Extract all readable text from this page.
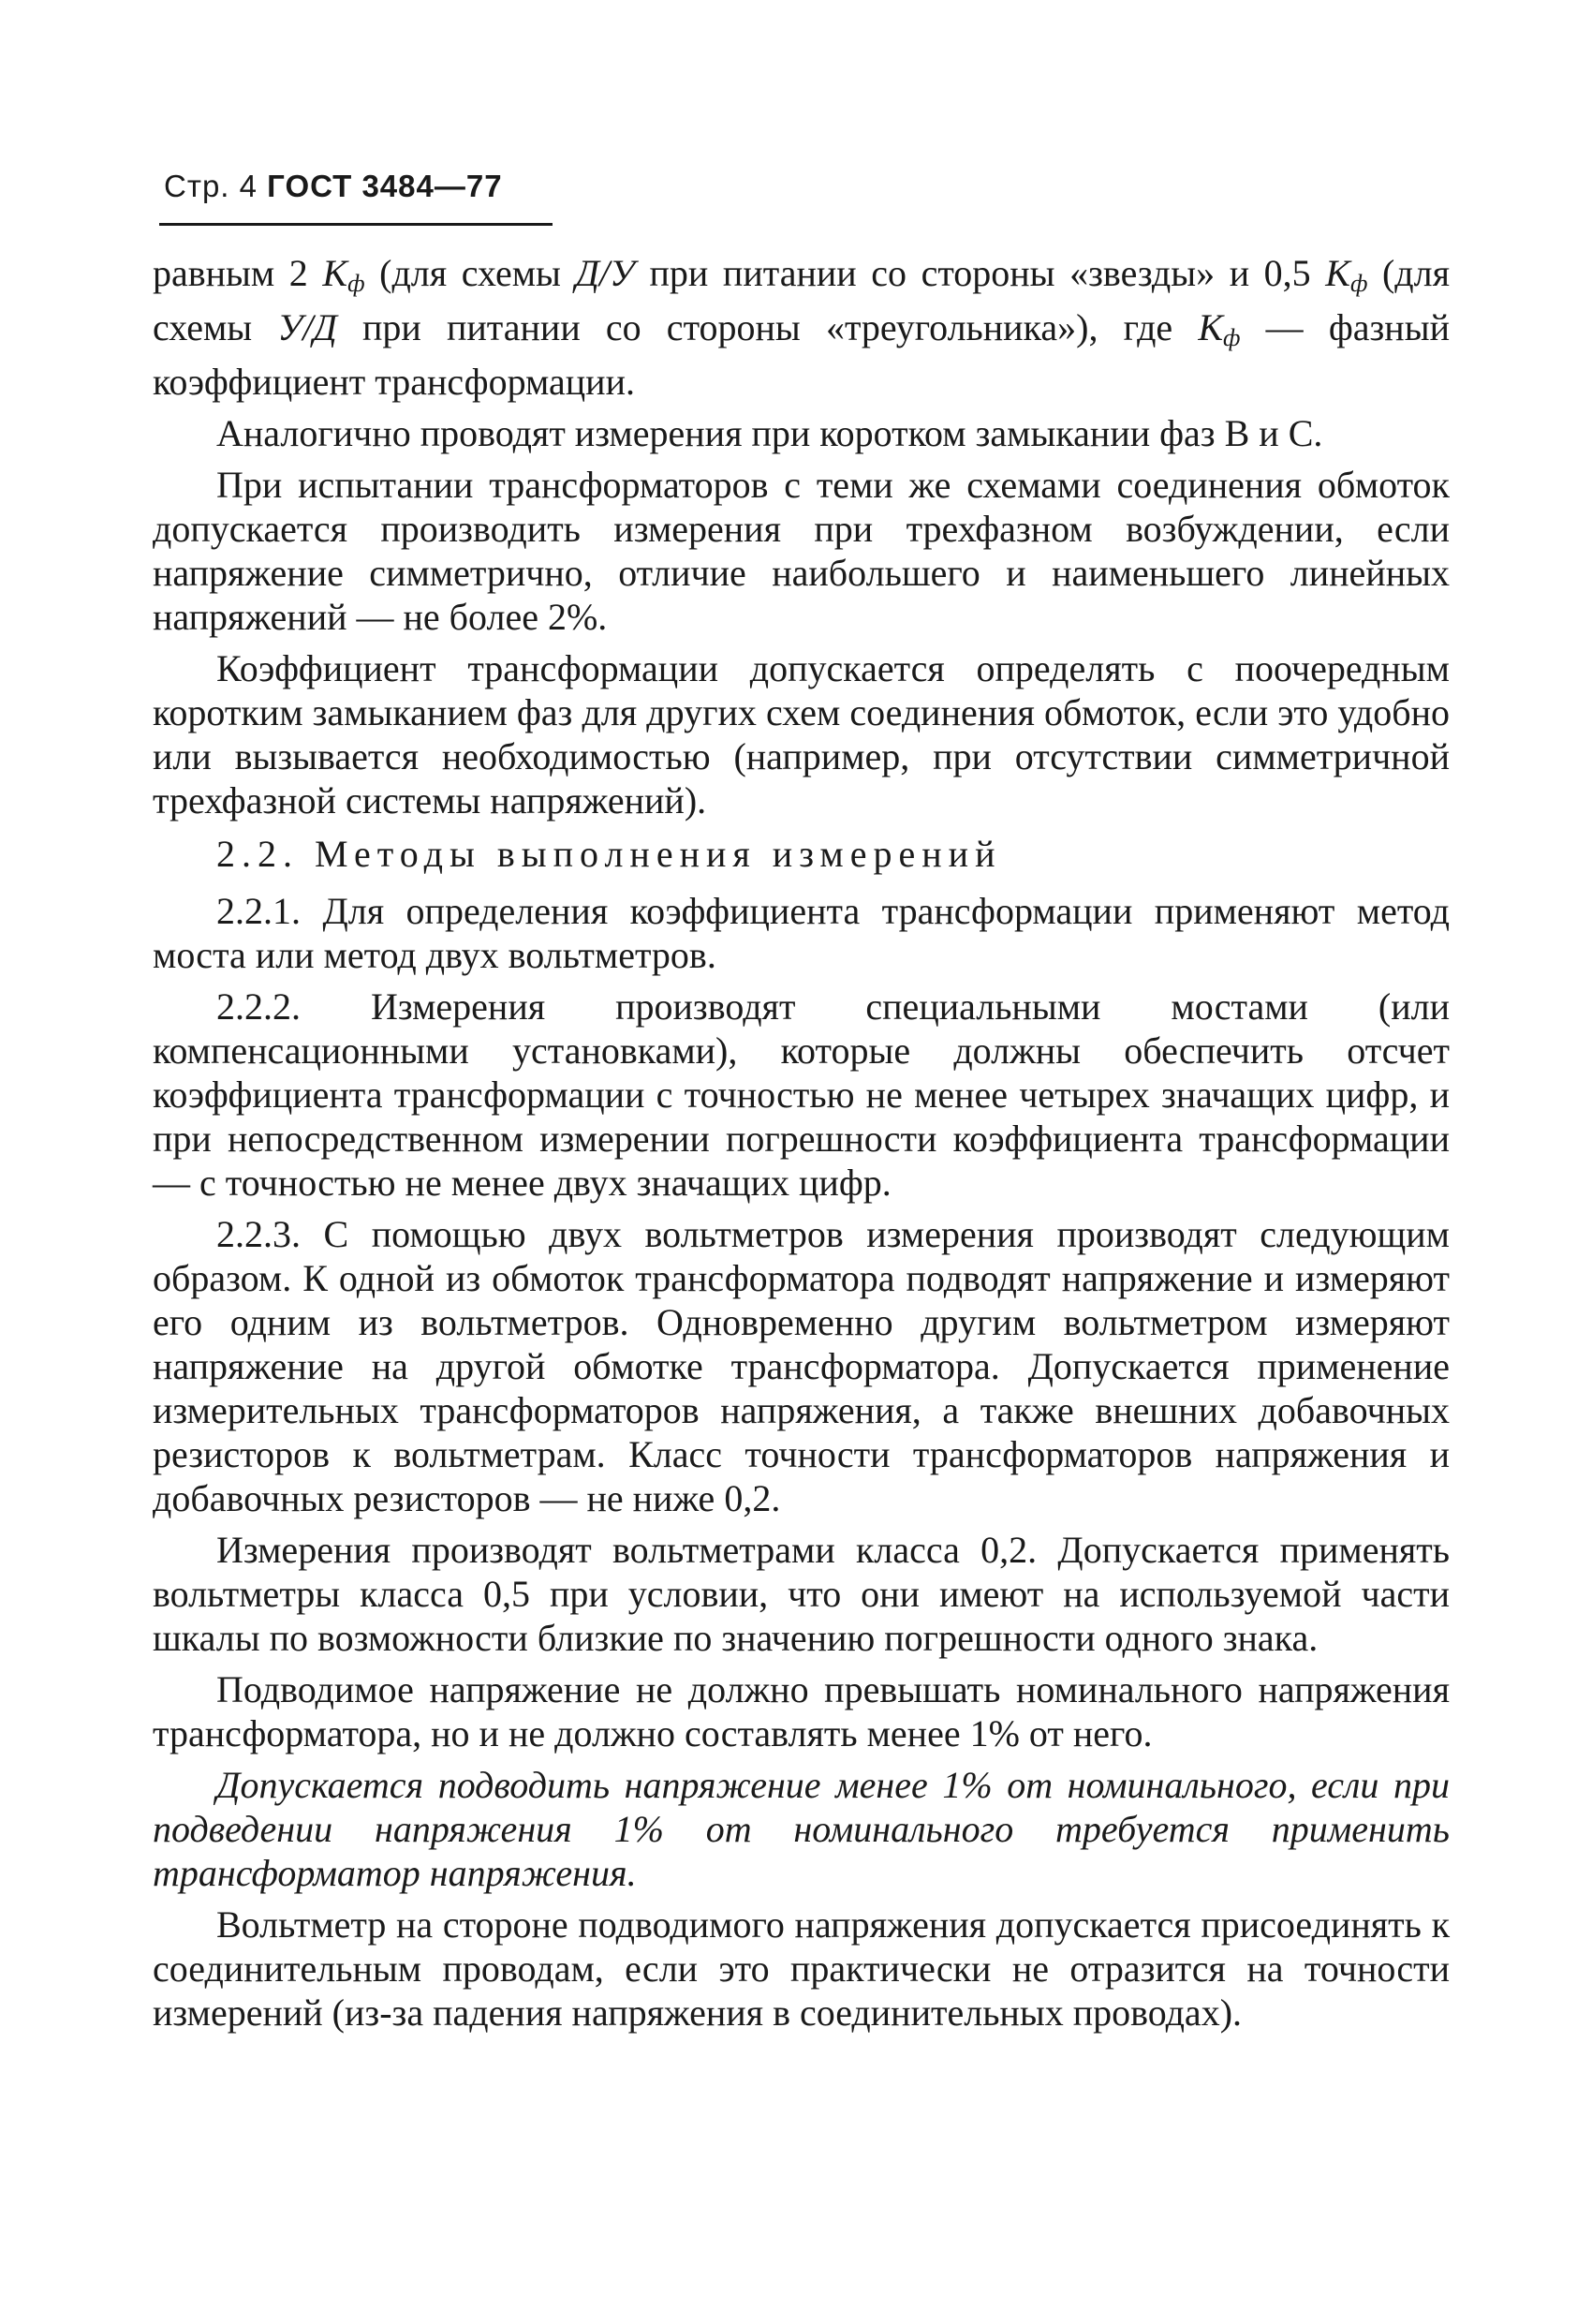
Стр. 4 ГОСТ 3484—77

равным 2 Kф (для схемы Д/У при питании со стороны «звезды» и 0,5 Kф (для схемы У/Д при питании со стороны «треугольника»), где Kф — фазный коэффициент трансформации.

Аналогично проводят измерения при коротком замыкании фаз В и С.

При испытании трансформаторов с теми же схемами соединения обмоток допускается производить измерения при трехфазном возбуждении, если напряжение симметрично, отличие наибольшего и наименьшего линейных напряжений — не более 2%.

Коэффициент трансформации допускается определять с поочередным коротким замыканием фаз для других схем соединения обмоток, если это удобно или вызывается необходимостью (например, при отсутствии симметричной трехфазной системы напряжений).

2.2. Методы выполнения измерений

2.2.1. Для определения коэффициента трансформации применяют метод моста или метод двух вольтметров.

2.2.2. Измерения производят специальными мостами (или компенсационными установками), которые должны обеспечить отсчет коэффициента трансформации с точностью не менее четырех значащих цифр, и при непосредственном измерении погрешности коэффициента трансформации — с точностью не менее двух значащих цифр.

2.2.3. С помощью двух вольтметров измерения производят следующим образом. К одной из обмоток трансформатора подводят напряжение и измеряют его одним из вольтметров. Одновременно другим вольтметром измеряют напряжение на другой обмотке трансформатора. Допускается применение измерительных трансформаторов напряжения, а также внешних добавочных резисторов к вольтметрам. Класс точности трансформаторов напряжения и добавочных резисторов — не ниже 0,2.

Измерения производят вольтметрами класса 0,2. Допускается применять вольтметры класса 0,5 при условии, что они имеют на используемой части шкалы по возможности близкие по значению погрешности одного знака.

Подводимое напряжение не должно превышать номинального напряжения трансформатора, но и не должно составлять менее 1% от него.

Допускается подводить напряжение менее 1% от номинального, если при подведении напряжения 1% от номинального требуется применить трансформатор напряжения.

Вольтметр на стороне подводимого напряжения допускается присоединять к соединительным проводам, если это практически не отразится на точности измерений (из-за падения напряжения в соединительных проводах).
